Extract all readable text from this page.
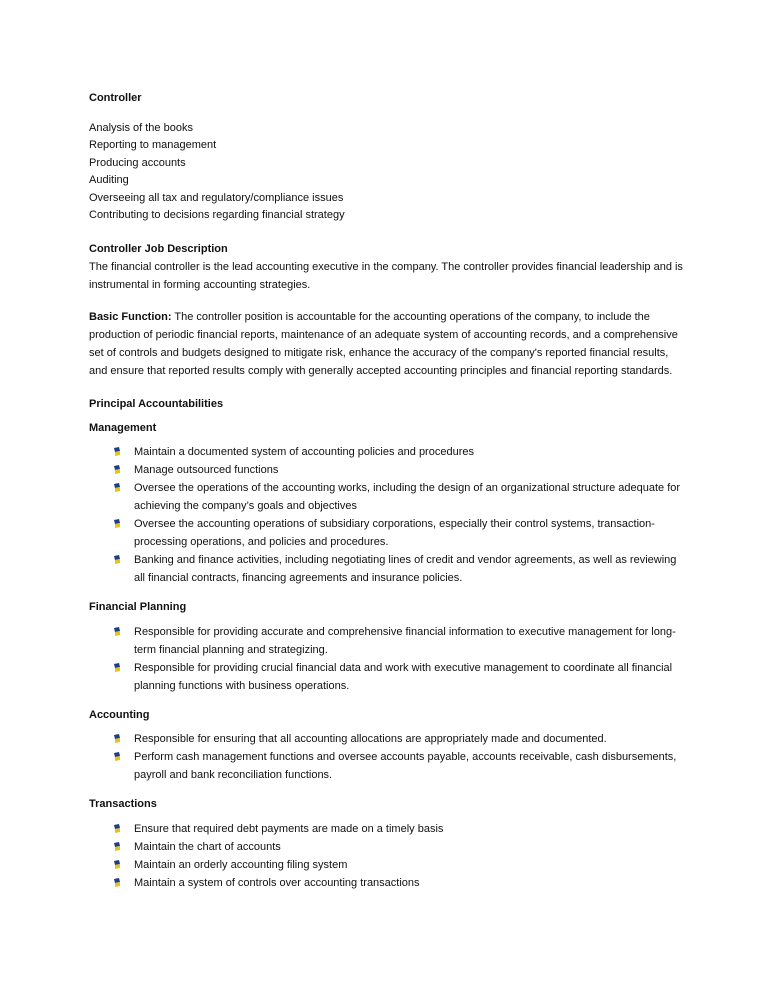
Controller
Analysis of the books
Reporting to management
Producing accounts
Auditing
Overseeing all tax and regulatory/compliance issues
Contributing to decisions regarding financial strategy
Controller Job Description

The financial controller is the lead accounting executive in the company. The controller provides financial leadership and is instrumental in forming accounting strategies.

Basic Function: The controller position is accountable for the accounting operations of the company, to include the production of periodic financial reports, maintenance of an adequate system of accounting records, and a comprehensive set of controls and budgets designed to mitigate risk, enhance the accuracy of the company's reported financial results, and ensure that reported results comply with generally accepted accounting principles and financial reporting standards.

Principal Accountabilities
Management
Maintain a documented system of accounting policies and procedures
Manage outsourced functions
Oversee the operations of the accounting works, including the design of an organizational structure adequate for achieving the company’s goals and objectives
Oversee the accounting operations of subsidiary corporations, especially their control systems, transaction-processing operations, and policies and procedures.
Banking and finance activities, including negotiating lines of credit and vendor agreements, as well as reviewing all financial contracts, financing agreements and insurance policies.
Financial Planning
Responsible for providing accurate and comprehensive financial information to executive management for long-term financial planning and strategizing.
Responsible for providing crucial financial data and work with executive management to coordinate all financial planning functions with business operations.
Accounting
Responsible for ensuring that all accounting allocations are appropriately made and documented.
Perform cash management functions and oversee accounts payable, accounts receivable, cash disbursements, payroll and bank reconciliation functions.
Transactions
Ensure that required debt payments are made on a timely basis
Maintain the chart of accounts
Maintain an orderly accounting filing system
Maintain a system of controls over accounting transactions
